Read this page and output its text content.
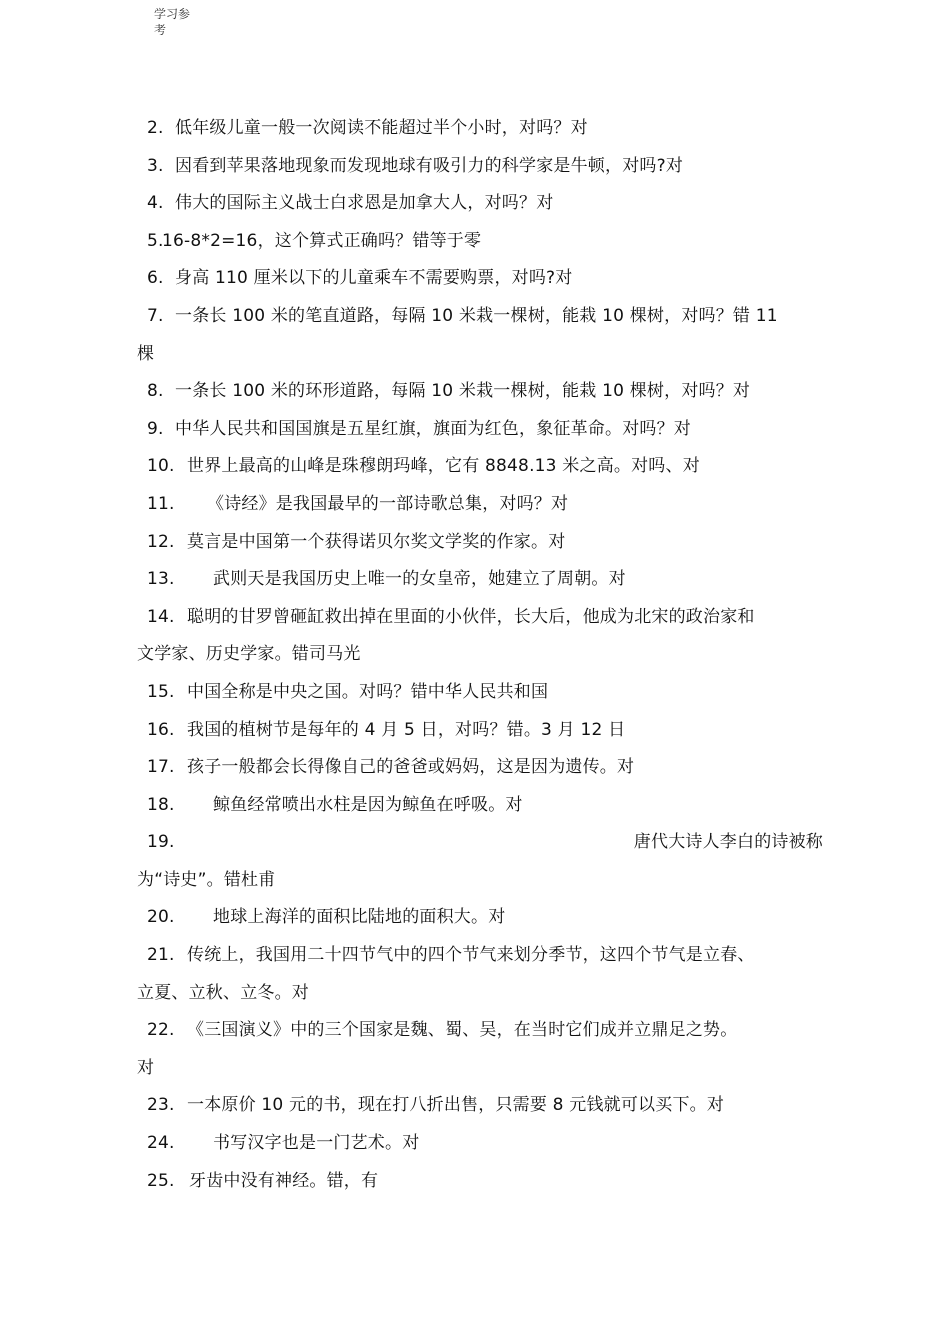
学习参考
2. 低年级儿童一般一次阅读不能超过半个小时，对吗？对
3. 因看到苹果落地现象而发现地球有吸引力的科学家是牛顿，对吗?对
4. 伟大的国际主义战士白求恩是加拿大人，对吗？对
5.
16-8*2=16，这个算式正确吗？错等于零
6. 身高 110 厘米以下的儿童乘车不需要购票，对吗?对
7. 一条长 100 米的笔直道路，每隔 10 米栽一棵树，能栽 10 棵树，对吗？错 11
棵
8. 一条长 100 米的环形道路，每隔 10 米栽一棵树，能栽 10 棵树，对吗？对
9. 中华人民共和国国旗是五星红旗，旗面为红色，象征革命。对吗？对
10. 世界上最高的山峰是珠穆朗玛峰，它有 8848.13 米之高。对吗、对
11. 《诗经》是我国最早的一部诗歌总集，对吗？对
12. 莫言是中国第一个获得诺贝尔奖文学奖的作家。对
13. 武则天是我国历史上唯一的女皇帝，她建立了周朝。对
14. 聪明的甘罗曾砸缸救出掉在里面的小伙伴，长大后，他成为北宋的政治家和
文学家、历史学家。错司马光
15. 中国全称是中央之国。对吗？错中华人民共和国
16. 我国的植树节是每年的 4 月 5 日，对吗？错。3 月 12 日
17. 孩子一般都会长得像自己的爸爸或妈妈，这是因为遗传。对
18. 鲸鱼经常喷出水柱是因为鲸鱼在呼吸。对
19.	唐代大诗人李白的诗被称
为“诗史”。错杜甫
20. 地球上海洋的面积比陆地的面积大。对
21. 传统上，我国用二十四节气中的四个节气来划分季节，这四个节气是立春、
立夏、立秋、立冬。对
22. 《三国演义》中的三个国家是魏、蜀、吴，在当时它们成并立鼎足之势。
对
23. 一本原价 10 元的书，现在打八折出售，只需要 8 元钱就可以买下。对
24. 书写汉字也是一门艺术。对
25. 牙齿中没有神经。错，有
